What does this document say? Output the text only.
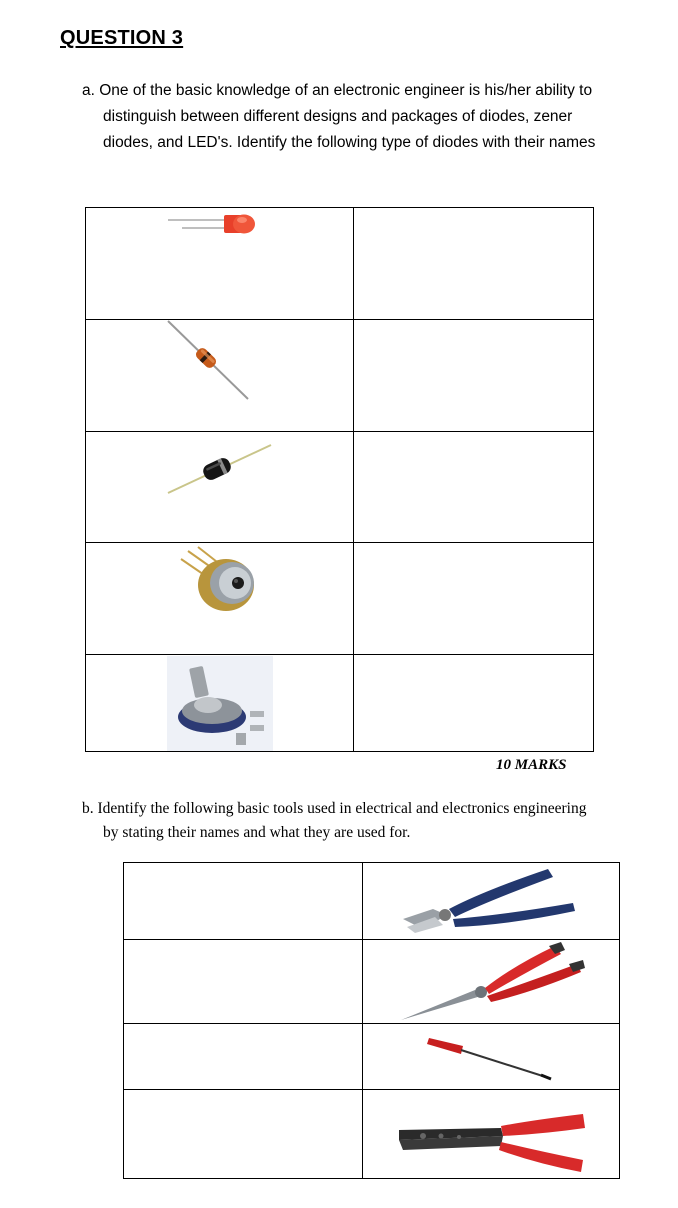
QUESTION 3
a. One of the basic knowledge of an electronic engineer is his/her ability to
distinguish between different designs and packages of diodes, zener
diodes, and LED's. Identify the following type of diodes with their names

10 MARKS
b. Identify the following basic tools used in electrical and electronics engineering
by stating their names and what they are used for.
